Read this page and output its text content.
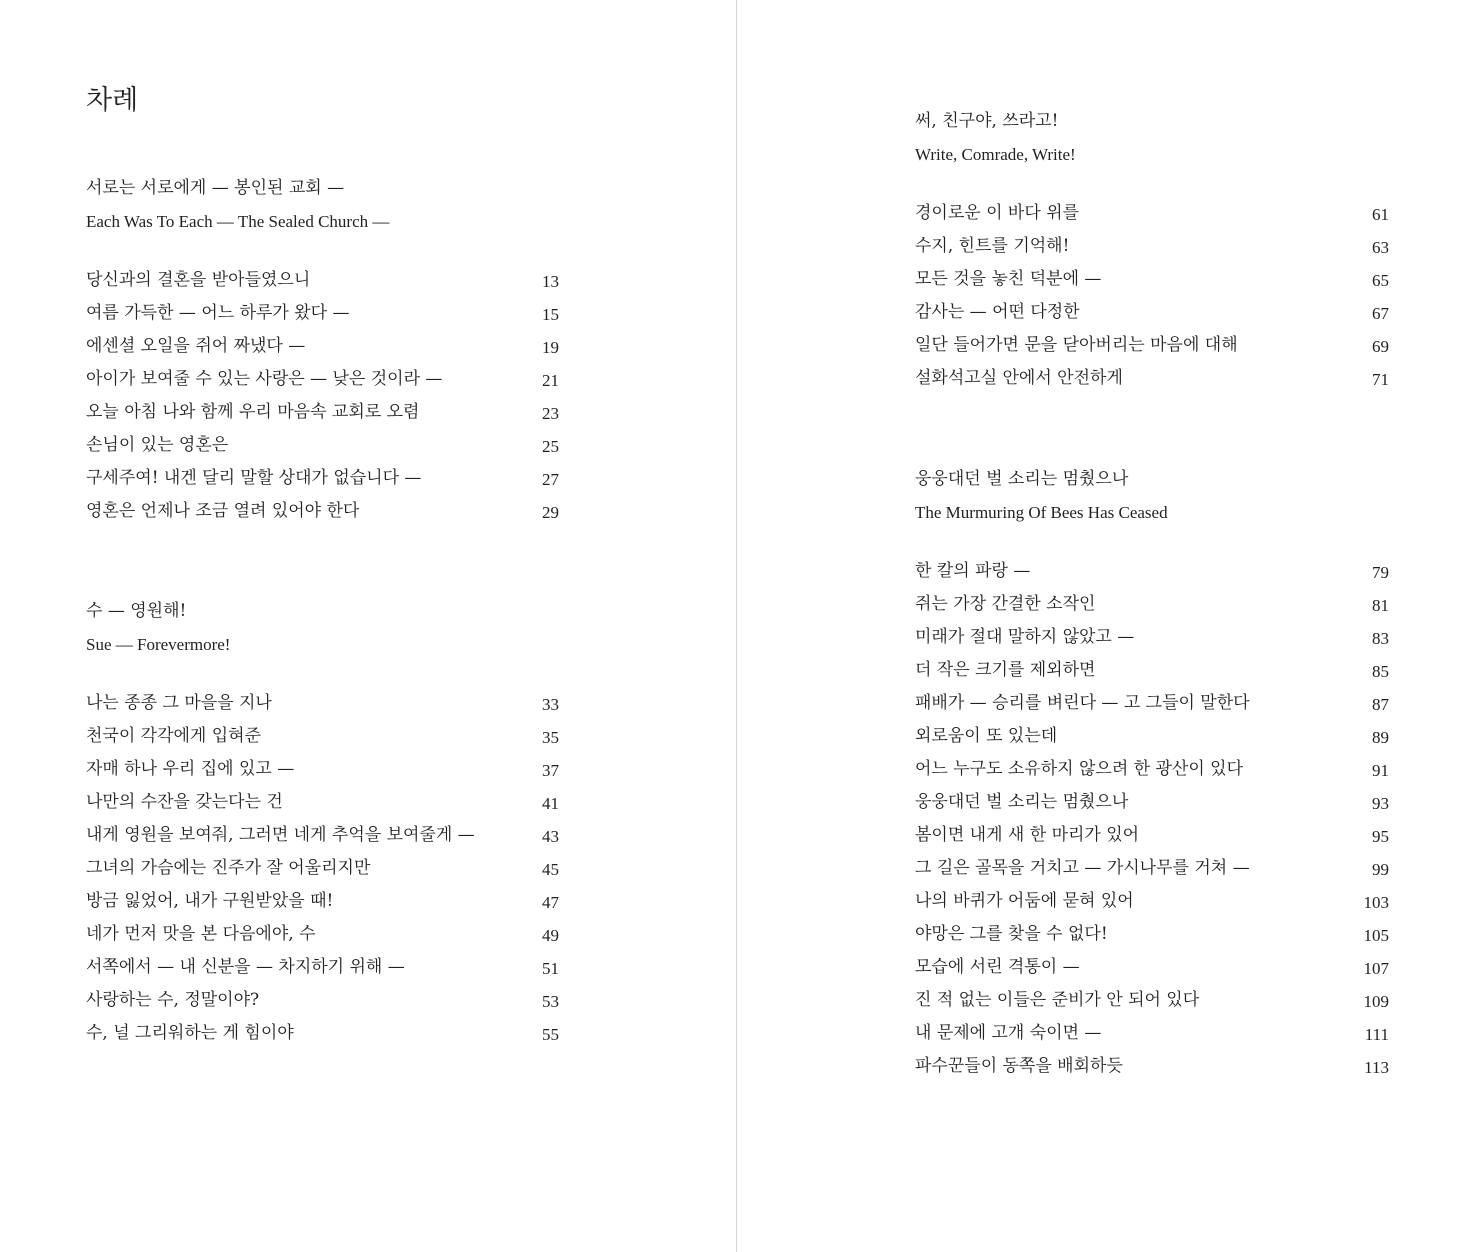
차례
서로는 서로에게 — 봉인된 교회 —
Each Was To Each — The Sealed Church —
당신과의 결혼을 받아들였으니	13
여름 가득한 — 어느 하루가 왔다 —	15
에센셜 오일을 쥐어 짜냈다 —	19
아이가 보여줄 수 있는 사랑은 — 낮은 것이라 —	21
오늘 아침 나와 함께 우리 마음속 교회로 오렴	23
손님이 있는 영혼은	25
구세주여! 내겐 달리 말할 상대가 없습니다 —	27
영혼은 언제나 조금 열려 있어야 한다	29
수 — 영원해!
Sue — Forevermore!
나는 종종 그 마을을 지나	33
천국이 각각에게 입혀준	35
자매 하나 우리 집에 있고 —	37
나만의 수잔을 갖는다는 건	41
내게 영원을 보여줘, 그러면 네게 추억을 보여줄게 —	43
그녀의 가슴에는 진주가 잘 어울리지만	45
방금 잃었어, 내가 구원받았을 때!	47
네가 먼저 맛을 본 다음에야, 수	49
서쪽에서 — 내 신분을 — 차지하기 위해 —	51
사랑하는 수, 정말이야?	53
수, 널 그리워하는 게 힘이야	55
써, 친구야, 쓰라고!
Write, Comrade, Write!
경이로운 이 바다 위를	61
수지, 힌트를 기억해!	63
모든 것을 놓친 덕분에 —	65
감사는 — 어떤 다정한	67
일단 들어가면 문을 닫아버리는 마음에 대해	69
설화석고실 안에서 안전하게	71
웅웅대던 벌 소리는 멈췄으나
The Murmuring Of Bees Has Ceased
한 칼의 파랑 —	79
쥐는 가장 간결한 소작인	81
미래가 절대 말하지 않았고 —	83
더 작은 크기를 제외하면	85
패배가 — 승리를 벼린다 — 고 그들이 말한다	87
외로움이 또 있는데	89
어느 누구도 소유하지 않으려 한 광산이 있다	91
웅웅대던 벌 소리는 멈췄으나	93
봄이면 내게 새 한 마리가 있어	95
그 길은 골목을 거치고 — 가시나무를 거쳐 —	99
나의 바퀴가 어둠에 묻혀 있어	103
야망은 그를 찾을 수 없다!	105
모습에 서린 격통이 —	107
진 적 없는 이들은 준비가 안 되어 있다	109
내 문제에 고개 숙이면 —	111
파수꾼들이 동쪽을 배회하듯	113
